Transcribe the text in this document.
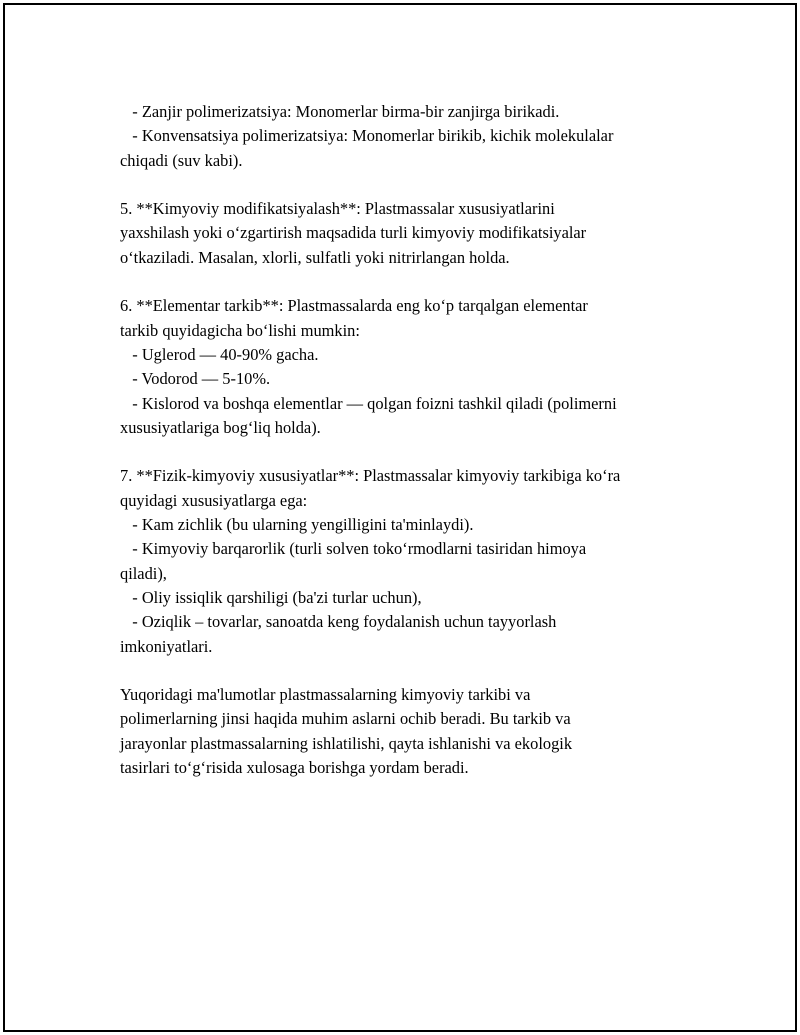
- Zanjir polimerizatsiya: Monomerlar birma-bir zanjirga birikadi.
- Konvensatsiya polimerizatsiya: Monomerlar birikib, kichik molekulalar
chiqadi (suv kabi).
5. **Kimyoviy modifikatsiyalash**: Plastmassalar xususiyatlarini
yaxshilash yoki o‘zgartirish maqsadida turli kimyoviy modifikatsiyalar
o‘tkaziladi. Masalan, xlorli, sulfatli yoki nitrirlangan holda.
6. **Elementar tarkib**: Plastmassalarda eng ko‘p tarqalgan elementar
tarkib quyidagicha bo‘lishi mumkin:
- Uglerod — 40-90% gacha.
- Vodorod — 5-10%.
- Kislorod va boshqa elementlar — qolgan foizni tashkil qiladi (polimerni
xususiyatlariga bog‘liq holda).
7. **Fizik-kimyoviy xususiyatlar**: Plastmassalar kimyoviy tarkibiga ko‘ra
quyidagi xususiyatlarga ega:
- Kam zichlik (bu ularning yengilligini ta'minlaydi).
- Kimyoviy barqarorlik (turli solven toko‘rmodlarni tasiridan himoya
qiladi),
- Oliy issiqlik qarshiligi (ba'zi turlar uchun),
- Oziqlik – tovarlar, sanoatda keng foydalanish uchun tayyorlash
imkoniyatlari.
Yuqoridagi ma'lumotlar plastmassalarning kimyoviy tarkibi va
polimerlarning jinsi haqida muhim aslarni ochib beradi. Bu tarkib va
jarayonlar plastmassalarning ishlatilishi, qayta ishlanishi va ekologik
tasirlari to‘g‘risida xulosaga borishga yordam beradi.
